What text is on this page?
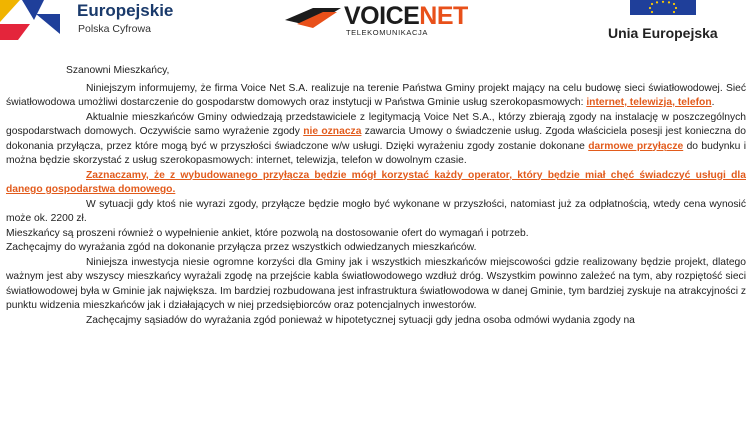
Europejskie
Polska Cyfrowa	VOICENET
TELEKOMUNIKACJA	Unia Europejska

Szanowni Mieszkańcy,

Niniejszym informujemy, że firma Voice Net S.A. realizuje na terenie Państwa Gminy projekt mający na celu budowę sieci światłowodowej. Sieć światłowodowa umożliwi dostarczenie do gospodarstw domowych oraz instytucji w Państwa Gminie usług szerokopasmowych: internet, telewizja, telefon.

Aktualnie mieszkańców Gminy odwiedzają przedstawiciele z legitymacją Voice Net S.A., którzy zbierają zgody na instalację w poszczególnych gospodarstwach domowych. Oczywiście samo wyrażenie zgody nie oznacza zawarcia Umowy o świadczenie usług. Zgoda właściciela posesji jest konieczna do dokonania przyłącza, przez które mogą być w przyszłości świadczone w/w usługi. Dzięki wyrażeniu zgody zostanie dokonane darmowe przyłącze do budynku i można będzie skorzystać z usług szerokopasmowych: internet, telewizja, telefon w dowolnym czasie.

Zaznaczamy, że z wybudowanego przyłącza będzie mógł korzystać każdy operator, który będzie miał chęć świadczyć usługi dla danego gospodarstwa domowego.

W sytuacji gdy ktoś nie wyrazi zgody, przyłącze będzie mogło być wykonane w przyszłości, natomiast już za odpłatnością, wtedy cena wynosić może ok. 2200 zł.

Mieszkańcy są proszeni również o wypełnienie ankiet, które pozwolą na dostosowanie ofert do wymagań i potrzeb.

Zachęcajmy do wyrażania zgód na dokonanie przyłącza przez wszystkich odwiedzanych mieszkańców.

Niniejsza inwestycja niesie ogromne korzyści dla Gminy jak i wszystkich mieszkańców miejscowości gdzie realizowany będzie projekt, dlatego ważnym jest aby wszyscy mieszkańcy wyrażali zgodę na przejście kabla światłowodowego wzdłuż dróg. Wszystkim powinno zależeć na tym, aby rozpiętość sieci światłowodowej była w Gminie jak największa. Im bardziej rozbudowana jest infrastruktura światłowodowa w danej Gminie, tym bardziej zyskuje na atrakcyjności z punktu widzenia mieszkańców jak i działających w niej przedsiębiorców oraz potencjalnych inwestorów.

Zachęcajmy sąsiadów do wyrażania zgód ponieważ w hipotetycznej sytuacji gdy jedna osoba odmówi wydania zgody na
